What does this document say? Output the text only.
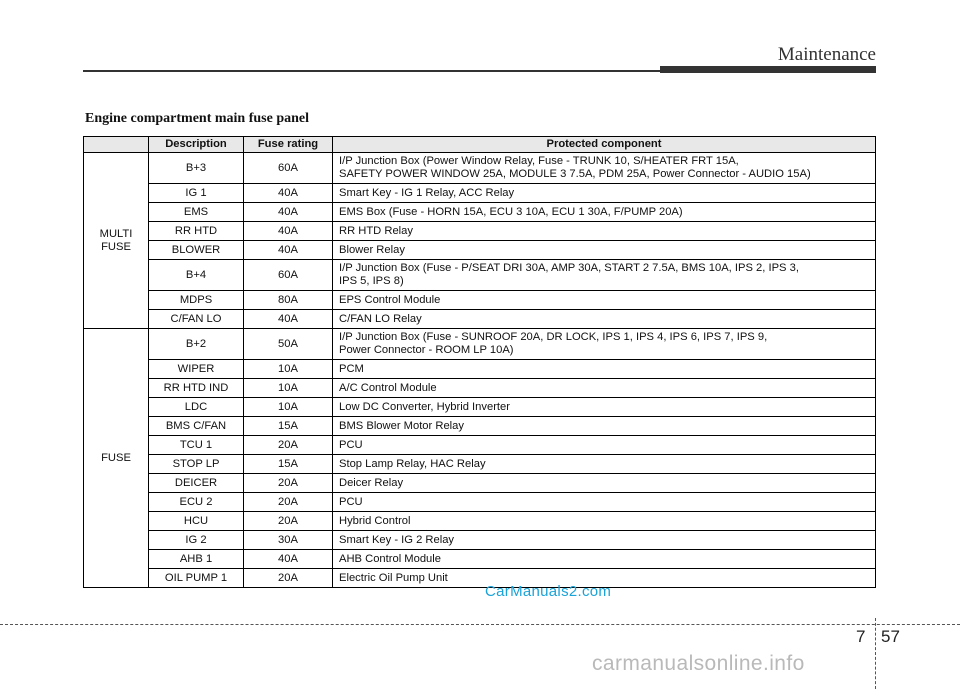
Maintenance
Engine compartment main fuse panel
	Description	Fuse rating	Protected component
MULTI
FUSE	B+3	60A	I/P Junction Box (Power Window Relay, Fuse - TRUNK 10, S/HEATER FRT 15A,
SAFETY POWER WINDOW 25A, MODULE 3 7.5A, PDM 25A, Power Connector - AUDIO 15A)
	IG 1	40A	Smart Key - IG 1 Relay, ACC Relay
	EMS	40A	EMS Box (Fuse - HORN 15A, ECU 3 10A, ECU 1 30A, F/PUMP 20A)
	RR HTD	40A	RR HTD Relay
	BLOWER	40A	Blower Relay
	B+4	60A	I/P Junction Box (Fuse - P/SEAT DRI 30A, AMP 30A, START 2 7.5A, BMS 10A, IPS 2, IPS 3,
IPS 5, IPS 8)
	MDPS	80A	EPS Control Module
	C/FAN LO	40A	C/FAN LO Relay
FUSE	B+2	50A	I/P Junction Box (Fuse - SUNROOF 20A, DR LOCK, IPS 1, IPS 4, IPS 6, IPS 7, IPS 9,
Power Connector - ROOM LP 10A)
	WIPER	10A	PCM
	RR HTD IND	10A	A/C Control Module
	LDC	10A	Low DC Converter, Hybrid Inverter
	BMS C/FAN	15A	BMS Blower Motor Relay
	TCU 1	20A	PCU
	STOP LP	15A	Stop Lamp Relay, HAC Relay
	DEICER	20A	Deicer Relay
	ECU 2	20A	PCU
	HCU	20A	Hybrid Control
	IG 2	30A	Smart Key - IG 2 Relay
	AHB 1	40A	AHB Control Module
	OIL PUMP 1	20A	Electric Oil Pump Unit
CarManuals2.com
7 57
carmanualsonline.info
